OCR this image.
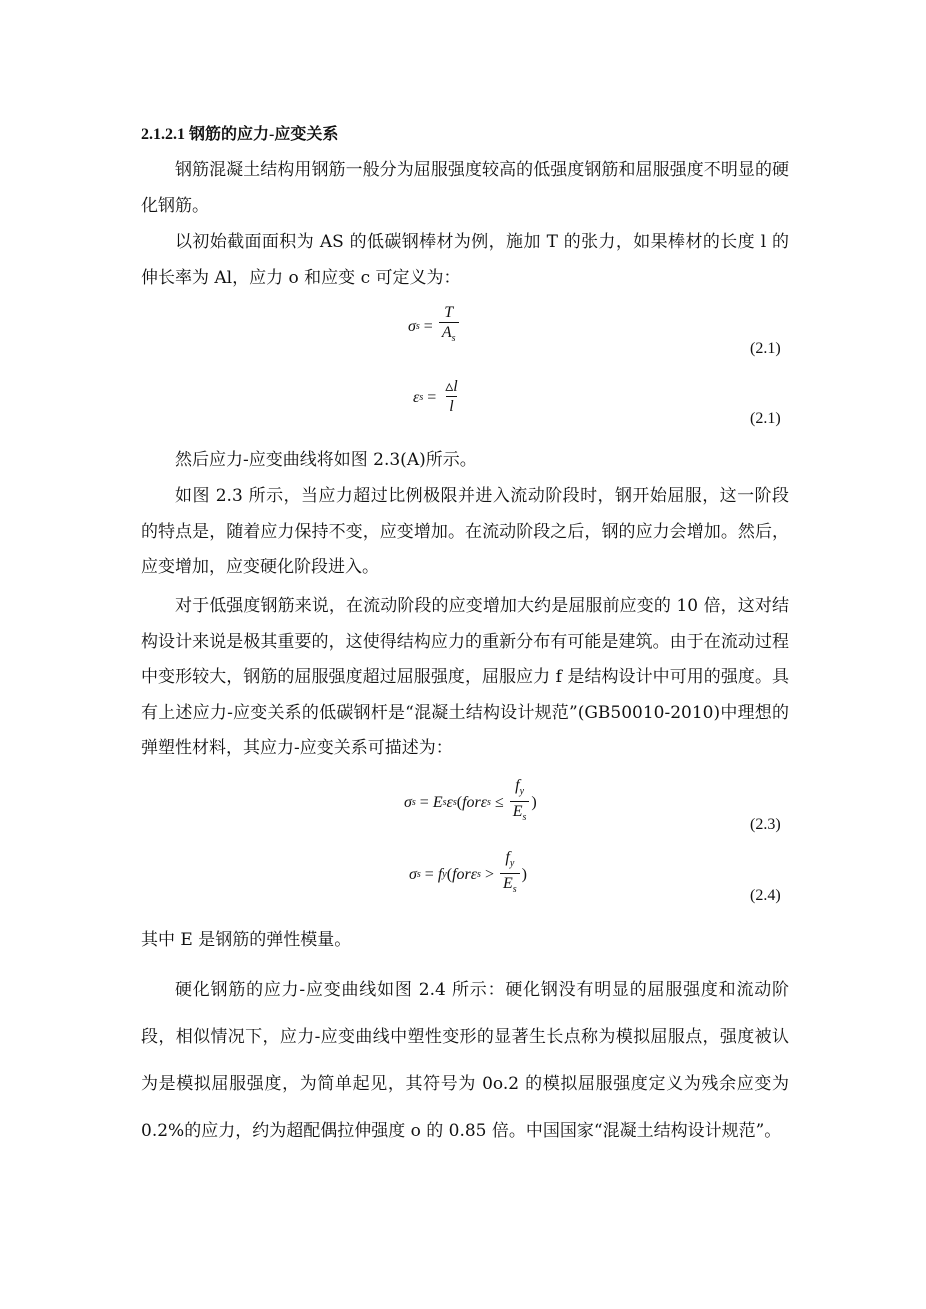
2.1.2.1 钢筋的应力-应变关系

钢筋混凝土结构用钢筋一般分为屈服强度较高的低强度钢筋和屈服强度不明显的硬化钢筋。

以初始截面面积为 AS 的低碳钢棒材为例，施加 T 的张力，如果棒材的长度 l 的伸长率为 Al，应力 o 和应变 c 可定义为：

σ $s = \frac{T}{A_s}$	(2.1)
ε $s = \frac{▵l}{l}$
(2.1)

然后应力-应变曲线将如图 2.3(A)所示。

如图 2.3 所示，当应力超过比例极限并进入流动阶段时，钢开始屈服，这一阶段的特点是，随着应力保持不变，应变增加。在流动阶段之后，钢的应力会增加。然后，应变增加，应变硬化阶段进入。

对于低强度钢筋来说，在流动阶段的应变增加大约是屈服前应变的 10 倍，这对结构设计来说是极其重要的，这使得结构应力的重新分布有可能是建筑。由于在流动过程中变形较大，钢筋的屈服强度超过屈服强度，屈服应力 f 是结构设计中可用的强度。具有上述应力-应变关系的低碳钢杆是“混凝土结构设计规范”(GB50010-2010)中理想的弹塑性材料，其应力-应变关系可描述为：

σ s = E s ε s ( for ε $s \le \frac{f_y}{E_s}$ )
(2.3)
σ s = f y ( for ε $s > \frac{f_y}{E_s}$ )
(2.4)

其中 E 是钢筋的弹性模量。

硬化钢筋的应力-应变曲线如图 2.4 所示：硬化钢没有明显的屈服强度和流动阶段，相似情况下，应力-应变曲线中塑性变形的显著生长点称为模拟屈服点，强度被认为是模拟屈服强度，为简单起见，其符号为 0o.2 的模拟屈服强度定义为残余应变为 0.2%的应力，约为超配偶拉伸强度 o 的 0.85 倍。中国国家“混凝土结构设计规范”。
